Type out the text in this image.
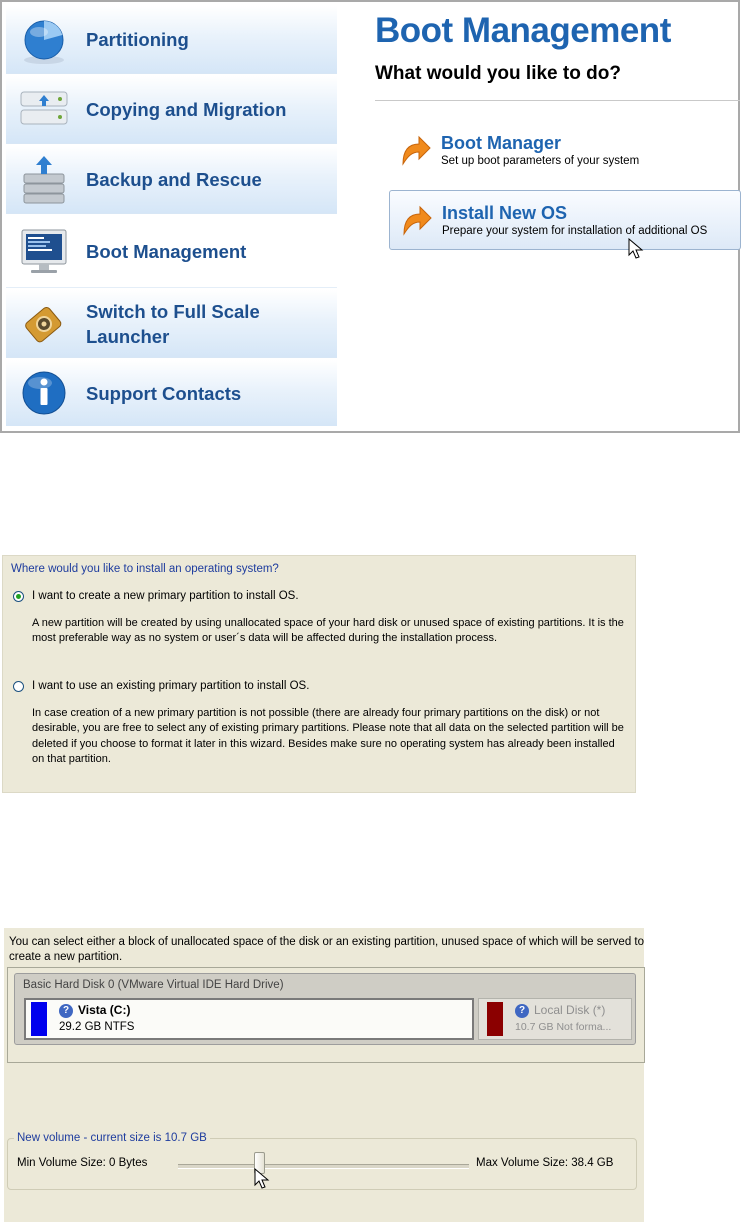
Partitioning
Copying and Migration
Backup and Rescue
Boot Management
Switch to Full Scale Launcher
Support Contacts
Boot Management
What would you like to do?
Boot Manager
Set up boot parameters of your system
Install New OS
Prepare your system for installation of additional OS
Where would you like to install an operating system?
I want to create a new primary partition to install OS.
A new partition will be created by using unallocated space of your hard disk or unused space of existing partitions. It is the most preferable way as no system or user´s data will be affected during the installation process.
I want to use an existing primary partition to install OS.
In case creation of a new primary partition is not possible (there are already four primary partitions on the disk) or not desirable, you are free to select any of existing primary partitions. Please note that all data on the selected partition will be deleted if you choose to format it later in this wizard. Besides make sure no operating system has already been installed on that partition.
You can select either a block of unallocated space of the disk or an existing partition, unused space of which will be served to create a new partition.
Basic Hard Disk 0 (VMware Virtual IDE Hard Drive)
? Vista (C:)
29.2 GB NTFS
? Local Disk (*)
10.7 GB Not forma...
New volume - current size is 10.7 GB
Min Volume Size: 0 Bytes	Max Volume Size: 38.4 GB
